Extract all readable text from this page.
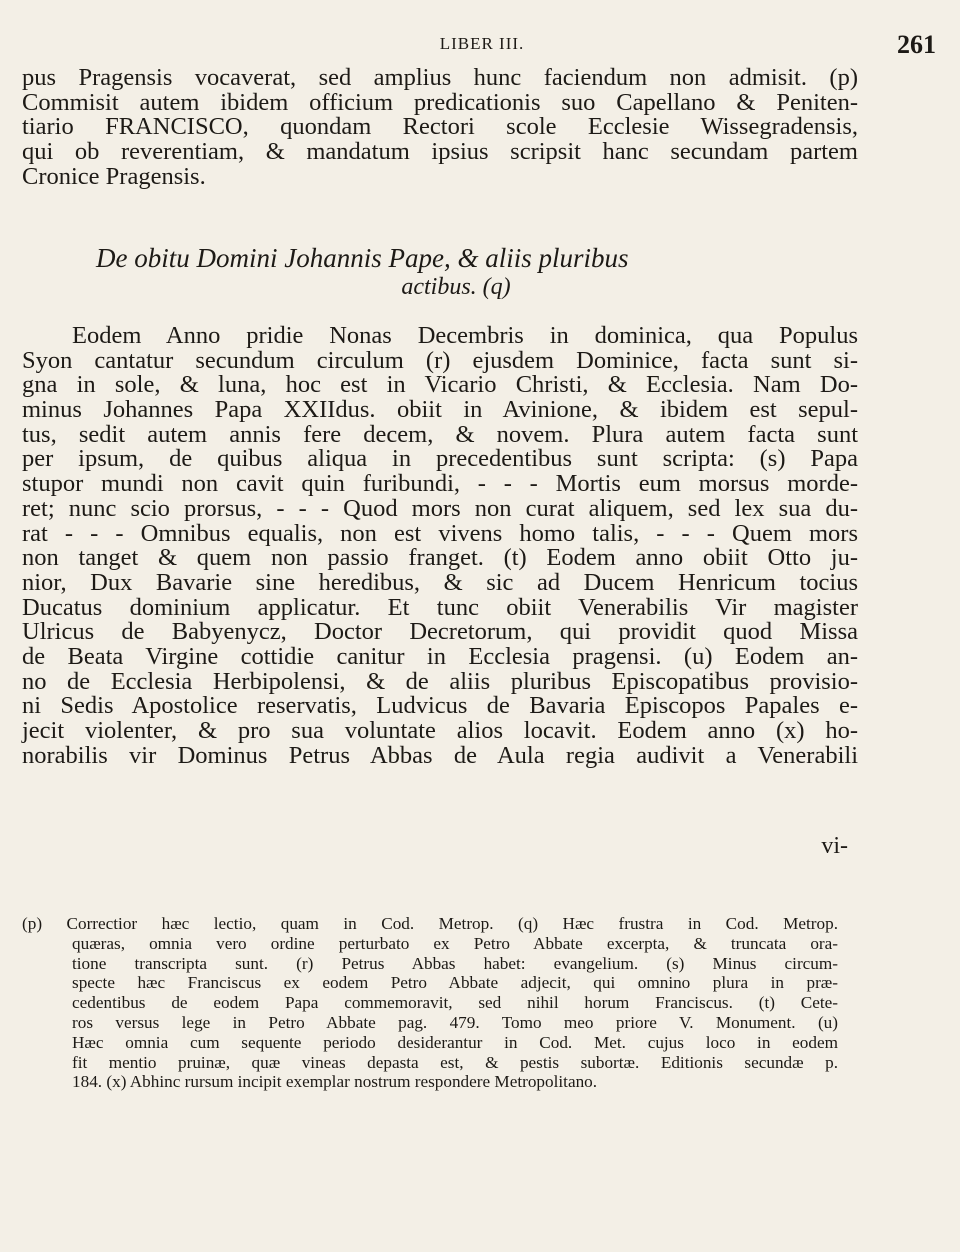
LIBER III.	261
pus Pragensis vocaverat, sed amplius hunc faciendum non admisit. (p)
Commisit autem ibidem officium predicationis suo Capellano & Peniten-
tiario FRANCISCO, quondam Rectori scole Ecclesie Wissegradensis,
qui ob reverentiam, & mandatum ipsius scripsit hanc secundam partem
Cronice Pragensis.
De obitu Domini Johannis Pape, & aliis pluribus
actibus. (q)
Eodem Anno pridie Nonas Decembris in dominica, qua Populus
Syon cantatur secundum circulum (r) ejusdem Dominice, facta sunt si-
gna in sole, & luna, hoc est in Vicario Christi, & Ecclesia. Nam Do-
minus Johannes Papa XXIIdus. obiit in Avinione, & ibidem est sepul-
tus, sedit autem annis fere decem, & novem. Plura autem facta sunt
per ipsum, de quibus aliqua in precedentibus sunt scripta: (s) Papa
stupor mundi non cavit quin furibundi, - - - Mortis eum morsus morde-
ret; nunc scio prorsus, - - - Quod mors non curat aliquem, sed lex sua du-
rat - - - Omnibus equalis, non est vivens homo talis, - - - Quem mors
non tanget & quem non passio franget. (t) Eodem anno obiit Otto ju-
nior, Dux Bavarie sine heredibus, & sic ad Ducem Henricum tocius
Ducatus dominium applicatur. Et tunc obiit Venerabilis Vir magister
Ulricus de Babyenycz, Doctor Decretorum, qui providit quod Missa
de Beata Virgine cottidie canitur in Ecclesia pragensi. (u) Eodem an-
no de Ecclesia Herbipolensi, & de aliis pluribus Episcopatibus provisio-
ni Sedis Apostolice reservatis, Ludvicus de Bavaria Episcopos Papales e-
jecit violenter, & pro sua voluntate alios locavit. Eodem anno (x) ho-
norabilis vir Dominus Petrus Abbas de Aula regia audivit a Venerabili
vi-
(p) Correctior hæc lectio, quam in Cod. Metrop. (q) Hæc frustra in Cod. Metrop.
quæras, omnia vero ordine perturbato ex Petro Abbate excerpta, & truncata ora-
tione transcripta sunt. (r) Petrus Abbas habet: evangelium. (s) Minus circum-
specte hæc Franciscus ex eodem Petro Abbate adjecit, qui omnino plura in præ-
cedentibus de eodem Papa commemoravit, sed nihil horum Franciscus. (t) Cete-
ros versus lege in Petro Abbate pag. 479. Tomo meo priore V. Monument. (u)
Hæc omnia cum sequente periodo desiderantur in Cod. Met. cujus loco in eodem
fit mentio pruinæ, quæ vineas depasta est, & pestis subortæ. Editionis secundæ p.
184. (x) Abhinc rursum incipit exemplar nostrum respondere Metropolitano.
